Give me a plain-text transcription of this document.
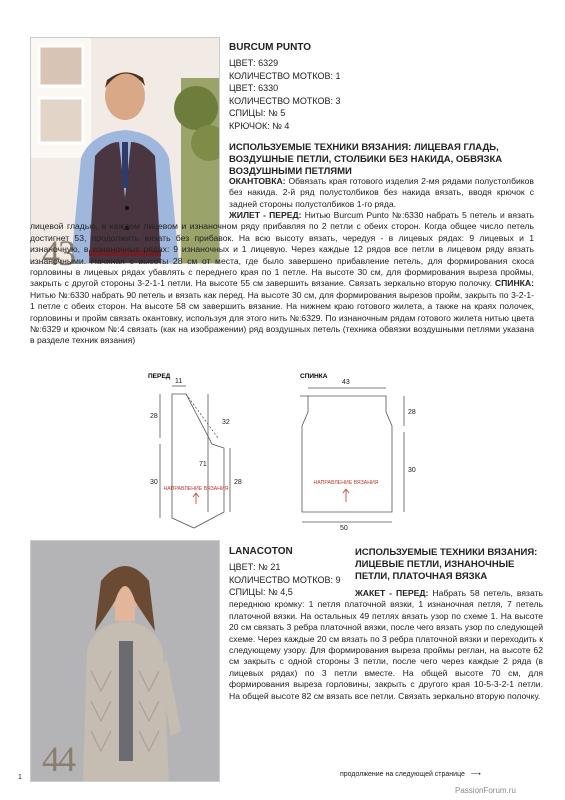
43
BURCUM PUNTO
ЦВЕТ: 6329
КОЛИЧЕСТВО МОТКОВ: 1
ЦВЕТ: 6330
КОЛИЧЕСТВО МОТКОВ: 3
СПИЦЫ: № 5
КРЮЧОК: № 4
ИСПОЛЬЗУЕМЫЕ ТЕХНИКИ ВЯЗАНИЯ: ЛИЦЕВАЯ ГЛАДЬ, ВОЗДУШНЫЕ ПЕТЛИ, СТОЛБИКИ БЕЗ НАКИДА, ОБВЯЗКА ВОЗДУШНЫМИ ПЕТЛЯМИ
ОКАНТОВКА: Обвязать края готового изделия 2-мя рядами полустолбиков без накида. 2-й ряд полустолбиков без накида вязать, вводя крючок с задней стороны полустолбиков 1-го ряда.
ЖИЛЕТ - ПЕРЕД: Нитью Burcum Punto №:6330 набрать 5 петель и вязать лицевой гладью, в каждом лицевом и изнаночном ряду прибавляя по 2 петли с обеих сторон. Когда общее число петель достигнет 53, продолжить вязать без прибавок. На всю высоту вязать, чередуя - в лицевых рядах: 9 лицевых и 1 изнаночную, в изнаночных рядах: 9 изнаночных и 1 лицевую. Через каждые 12 рядов все петли в лицевом ряду вязать изнаночными. Начиная с высоты 28 см от места, где было завершено прибавление петель, для формирования скоса горловины в лицевых рядах убавлять с переднего края по 1 петле. На высоте 30 см, для формирования выреза проймы, закрыть с другой стороны 3-2-1-1 петли. На высоте 55 см завершить вязание. Связать зеркально вторую полочку. СПИНКА: Нитью №:6330 набрать 90 петель и вязать как перед. На высоте 30 см, для формирования вырезов пройм, закрыть по 3-2-1-1 петле с обеих сторон. На высоте 58 см завершить вязание. На нижнем краю готового жилета, а также на краях полочек, горловины и пройм связать окантовку, используя для этого нить №:6329. По изнаночным рядам готового жилета нитью цвета №:6329 и крючком №:4 связать (как на изображении) ряд воздушных петель (техника обвязки воздушными петлями указана в разделе техник вязания)
ПЕРЕД	СПИНКА
11
28
32
71
30	28
43
28
30
50
НАПРАВЛЕНИЕ ВЯЗАНИЯ
НАПРАВЛЕНИЕ ВЯЗАНИЯ
44
LANACOTON
ЦВЕТ: № 21
КОЛИЧЕСТВО МОТКОВ: 9
СПИЦЫ: № 4,5
ИСПОЛЬЗУЕМЫЕ ТЕХНИКИ ВЯЗАНИЯ: ЛИЦЕВЫЕ ПЕТЛИ, ИЗНАНОЧНЫЕ ПЕТЛИ, ПЛАТОЧНАЯ ВЯЗКА
ЖАКЕТ - ПЕРЕД: Набрать 58 петель, вязать переднюю кромку: 1 петля платочной вязки, 1 изнаночная петля, 7 петель платочной вязки. На остальных 49 петлях вязать узор по схеме 1. На высоте 20 см связать 3 ребра платочной вязки, после чего вязать узор по следующей схеме. Через каждые 20 см вязать по 3 ребра платочной вязки и переходить к следующему узору. Для формирования выреза проймы реглан, на высоте 62 см закрыть с одной стороны 3 петли, после чего через каждые 2 ряда (в лицевых рядах) по 3 петли вместе. На общей высоте 70 см, для формирования выреза горловины, закрыть с другого края 10-5-3-2-1 петли. На общей высоте 82 см вязать все петли. Связать зеркально вторую полочку.
1	продолжение на следующей странице ⟶
PassionForum.ru
